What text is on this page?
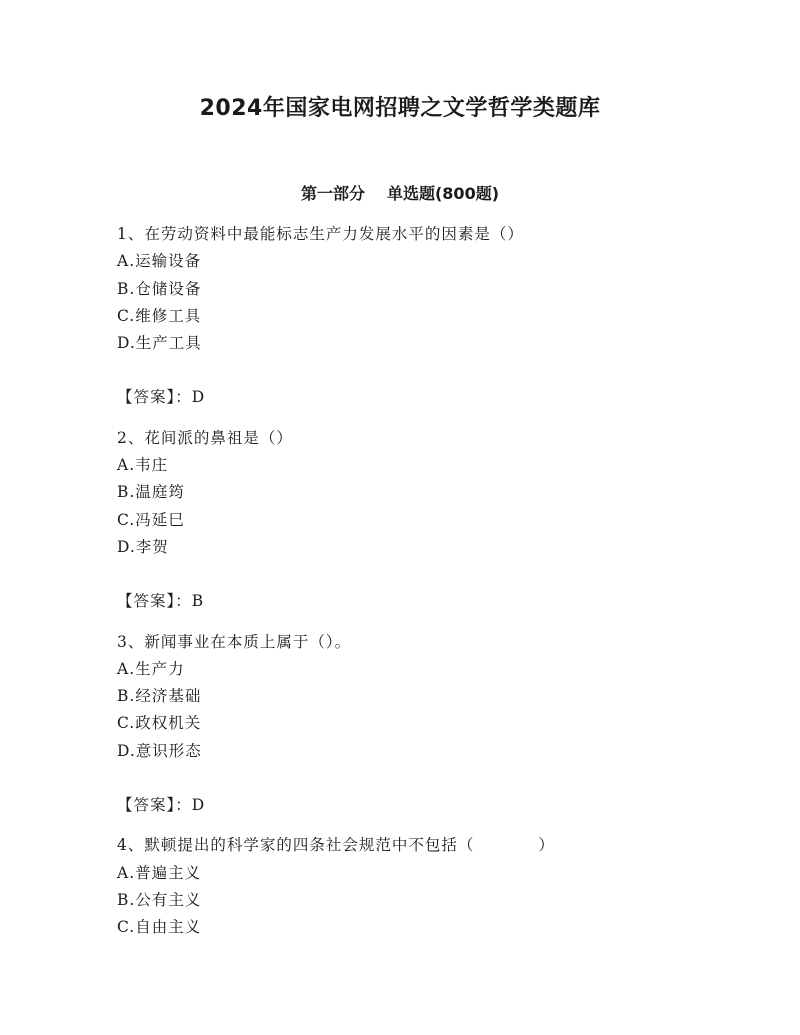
2024年国家电网招聘之文学哲学类题库
第一部分 单选题(800题)
1、在劳动资料中最能标志生产力发展水平的因素是（）
A.运输设备
B.仓储设备
C.维修工具
D.生产工具
【答案】：D
2、花间派的鼻祖是（）
A.韦庄
B.温庭筠
C.冯延巳
D.李贺
【答案】：B
3、新闻事业在本质上属于（）。
A.生产力
B.经济基础
C.政权机关
D.意识形态
【答案】：D
4、默顿提出的科学家的四条社会规范中不包括（	）
A.普遍主义
B.公有主义
C.自由主义
